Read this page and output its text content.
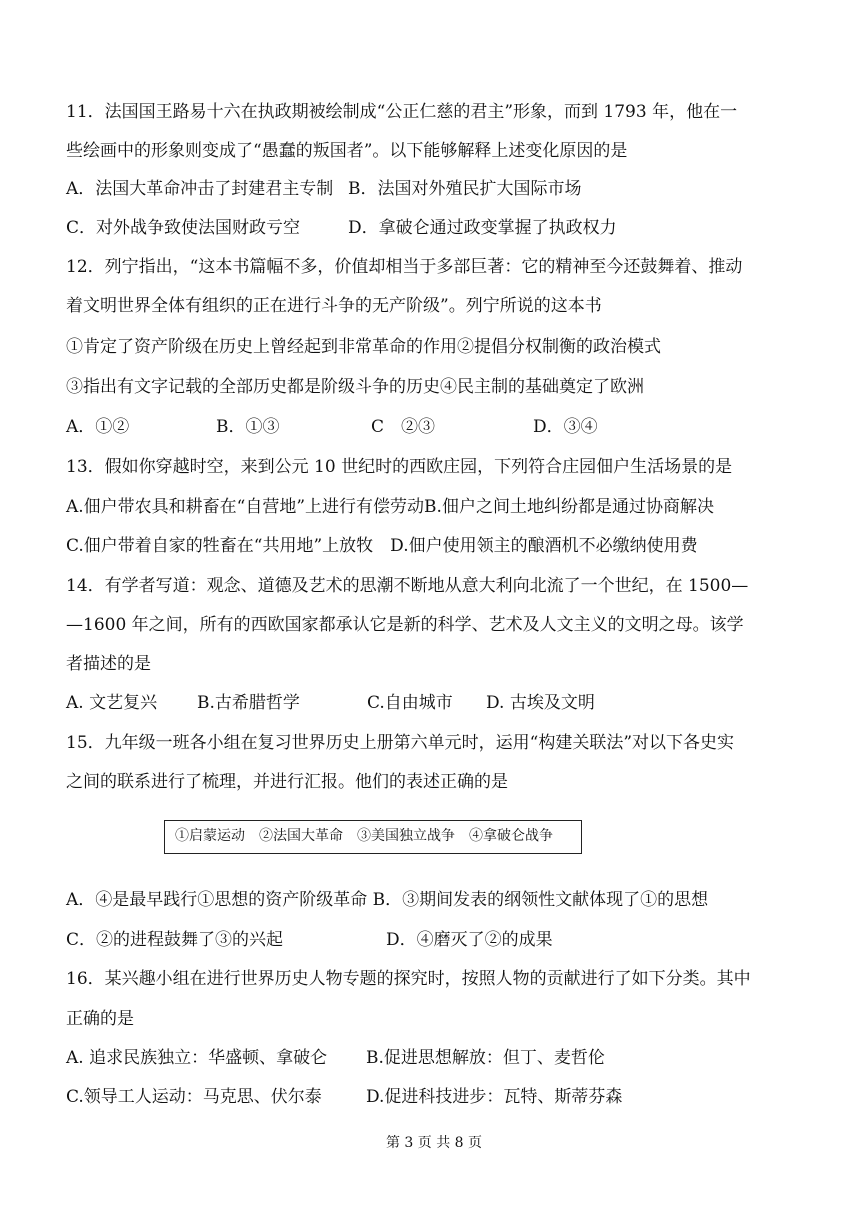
11．法国国王路易十六在执政期被绘制成“公正仁慈的君主”形象，而到 1793 年，他在一
些绘画中的形象则变成了“愚蠢的叛国者”。以下能够解释上述变化原因的是
A．法国大革命冲击了封建君主专制 B．法国对外殖民扩大国际市场
C．对外战争致使法国财政亏空	D．拿破仑通过政变掌握了执政权力
12．列宁指出，“这本书篇幅不多，价值却相当于多部巨著：它的精神至今还鼓舞着、推动
着文明世界全体有组织的正在进行斗争的无产阶级”。列宁所说的这本书
①肯定了资产阶级在历史上曾经起到非常革命的作用②提倡分权制衡的政治模式
③指出有文字记载的全部历史都是阶级斗争的历史④民主制的基础奠定了欧洲
A．①②	B．①③	C　②③	D．③④
13．假如你穿越时空，来到公元 10 世纪时的西欧庄园，下列符合庄园佃户生活场景的是
A.佃户带农具和耕畜在“自营地”上进行有偿劳动B.佃户之间土地纠纷都是通过协商解决
C.佃户带着自家的牲畜在“共用地”上放牧　D.佃户使用领主的酿酒机不必缴纳使用费
14．有学者写道：观念、道德及艺术的思潮不断地从意大利向北流了一个世纪，在 1500—
—1600 年之间，所有的西欧国家都承认它是新的科学、艺术及人文主义的文明之母。该学
者描述的是
A. 文艺复兴 B.古希腊哲学	C.自由城市 D. 古埃及文明
15．九年级一班各小组在复习世界历史上册第六单元时，运用“构建关联法”对以下各史实
之间的联系进行了梳理，并进行汇报。他们的表述正确的是
①启蒙运动　②法国大革命　③美国独立战争　④拿破仑战争
A．④是最早践行①思想的资产阶级革命 B．③期间发表的纲领性文献体现了①的思想
C．②的进程鼓舞了③的兴起	D．④磨灭了②的成果
16．某兴趣小组在进行世界历史人物专题的探究时，按照人物的贡献进行了如下分类。其中
正确的是
A. 追求民族独立：华盛顿、拿破仑 B.促进思想解放：但丁、麦哲伦
C.领导工人运动：马克思、伏尔泰	D.促进科技进步：瓦特、斯蒂芬森
第 3 页 共 8 页
